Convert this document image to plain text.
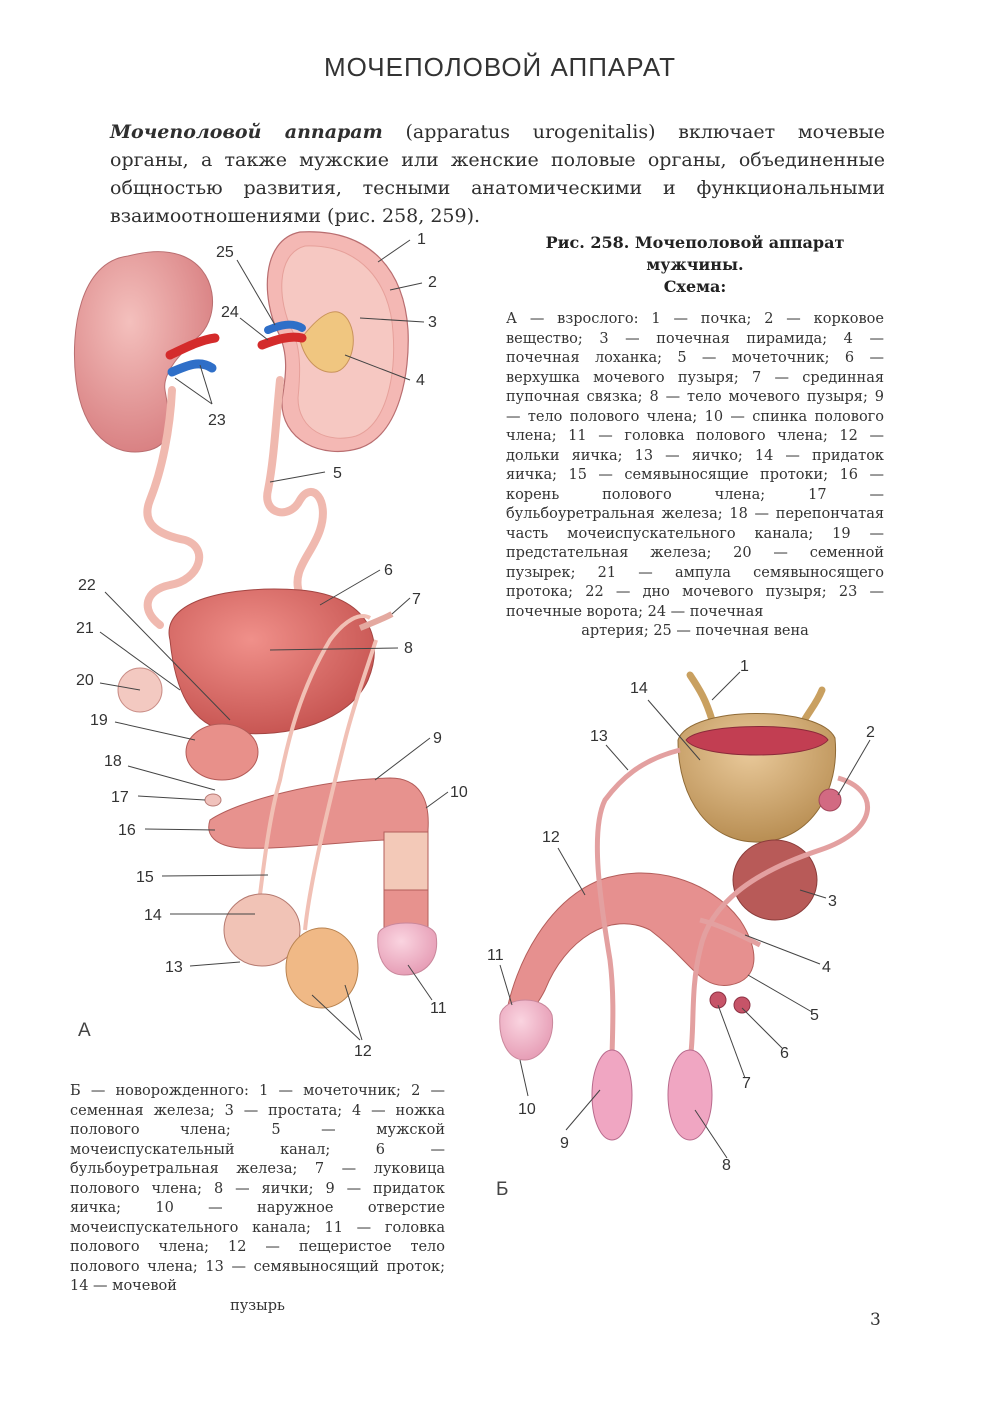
МОЧЕПОЛОВОЙ АППАРАТ
Мочеполовой аппарат (apparatus urogenitalis) включает мочевые органы, а также мужские или женские половые органы, объединенные общностью развития, тесными анатомическими и функциональными взаимоотношениями (рис. 258, 259).
Рис. 258. Мочеполовой аппарат мужчины.
Схема:
А — взрослого: 1 — почка; 2 — корковое вещество; 3 — почечная пирамида; 4 — почечная лоханка; 5 — мочеточник; 6 — верхушка мочевого пузыря; 7 — срединная пупочная связка; 8 — тело мочевого пузыря; 9 — тело полового члена; 10 — спинка полового члена; 11 — головка полового члена; 12 — дольки яичка; 13 — яичко; 14 — придаток яичка; 15 — семявыносящие протоки; 16 — корень полового члена; 17 — бульбоуретральная железа; 18 — перепончатая часть мочеиспускательного канала; 19 — предстательная железа; 20 — семенной пузырек; 21 — ампула семявыносящего протока; 22 — дно мочевого пузыря; 23 — почечные ворота; 24 — почечная
артерия; 25 — почечная вена
1
2
3
4
5
6
7
8
9
10
11
12
13
14
15
16
17
18
19
20
21
22
23
24
25
А
1
2
3
4
5
6
7
8
9
10
11
12
13
14
Б
Б — новорожденного: 1 — мочеточник; 2 — семенная железа; 3 — простата; 4 — ножка полового члена; 5 — мужской мочеиспускательный канал; 6 — бульбоуретральная железа; 7 — луковица полового члена; 8 — яички; 9 — придаток яичка; 10 — наружное отверстие мочеиспускательного канала; 11 — головка полового члена; 12 — пещеристое тело полового члена; 13 — семявыносящий проток; 14 — мочевой
пузырь
3
